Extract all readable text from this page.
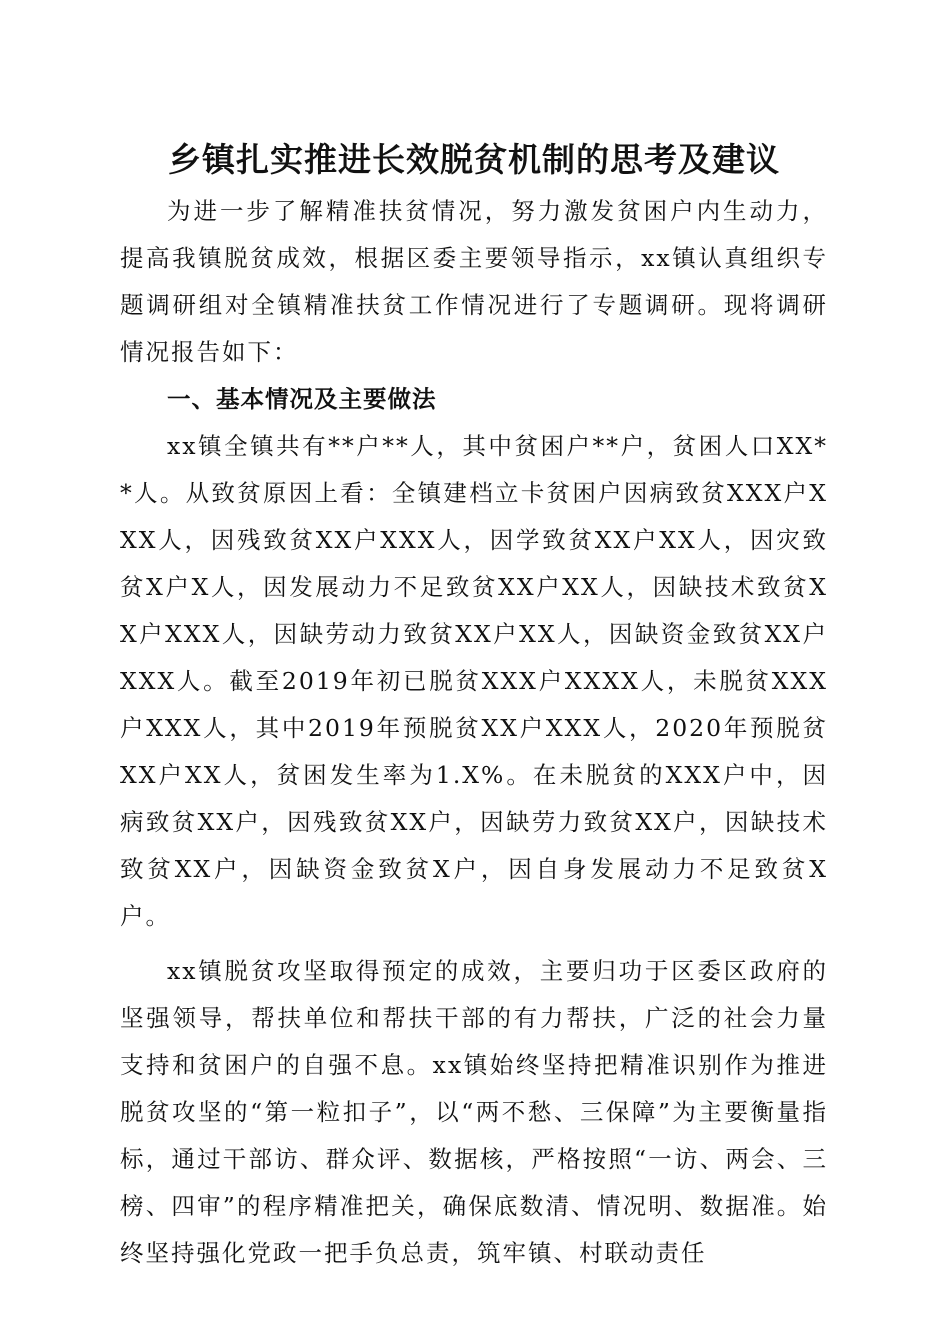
乡镇扎实推进长效脱贫机制的思考及建议

为进一步了解精准扶贫情况，努力激发贫困户内生动力，提高我镇脱贫成效，根据区委主要领导指示，xx镇认真组织专题调研组对全镇精准扶贫工作情况进行了专题调研。现将调研情况报告如下：

一、基本情况及主要做法

xx镇全镇共有**户**人，其中贫困户**户，贫困人口XX**人。从致贫原因上看：全镇建档立卡贫困户因病致贫XXX户XXX人，因残致贫XX户XXX人，因学致贫XX户XX人，因灾致贫X户X人，因发展动力不足致贫XX户XX人，因缺技术致贫XX户XXX人，因缺劳动力致贫XX户XX人，因缺资金致贫XX户XXX人。截至2019年初已脱贫XXX户XXXX人，未脱贫XXX户XXX人，其中2019年预脱贫XX户XXX人，2020年预脱贫XX户XX人，贫困发生率为1.X%。在未脱贫的XXX户中，因病致贫XX户，因残致贫XX户，因缺劳力致贫XX户，因缺技术致贫XX户，因缺资金致贫X户，因自身发展动力不足致贫X户。

xx镇脱贫攻坚取得预定的成效，主要归功于区委区政府的坚强领导，帮扶单位和帮扶干部的有力帮扶，广泛的社会力量支持和贫困户的自强不息。xx镇始终坚持把精准识别作为推进脱贫攻坚的“第一粒扣子”，以“两不愁、三保障”为主要衡量指标，通过干部访、群众评、数据核，严格按照“一访、两会、三榜、四审”的程序精准把关，确保底数清、情况明、数据准。始终坚持强化党政一把手负总责，筑牢镇、村联动责任
